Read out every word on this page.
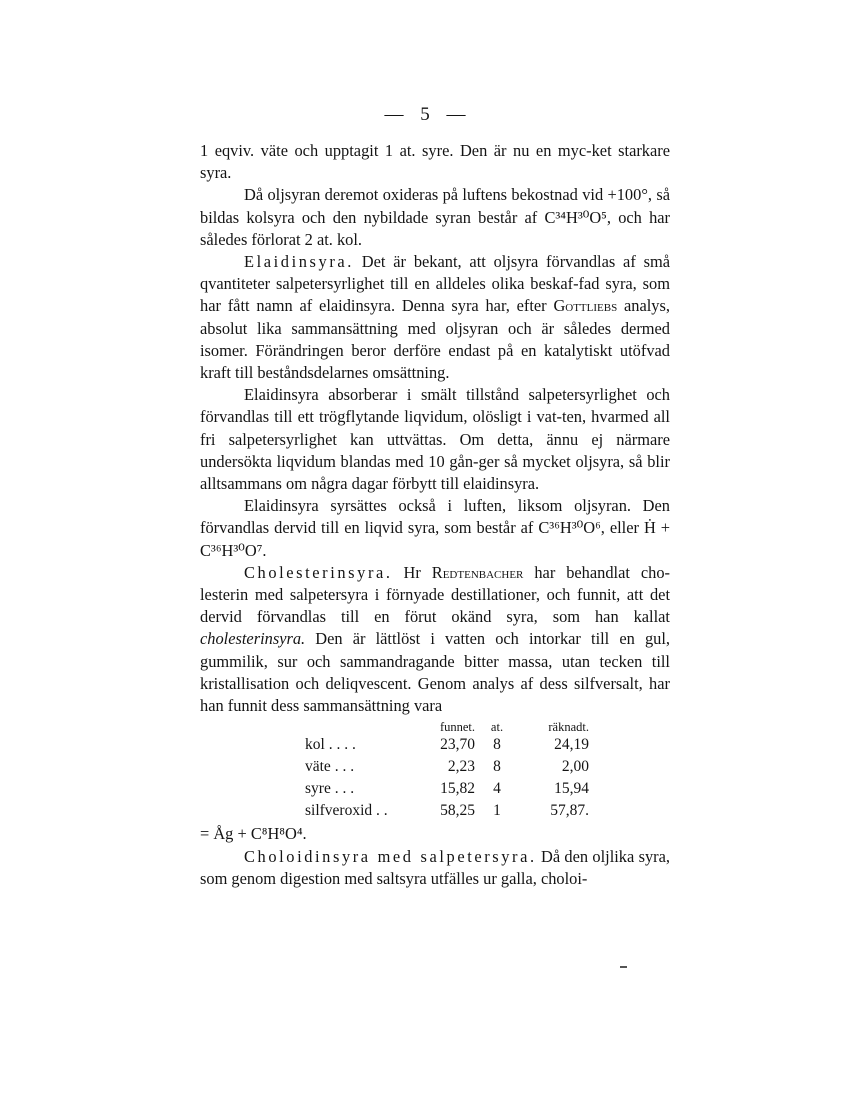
— 5 —

1 eqviv. väte och upptagit 1 at. syre. Den är nu en myc-ket starkare syra.

Då oljsyran deremot oxideras på luftens bekostnad vid +100°, så bildas kolsyra och den nybildade syran består af C³⁴H³⁰O⁵, och har således förlorat 2 at. kol.

Elaidinsyra. Det är bekant, att oljsyra förvandlas af små qvantiteter salpetersyrlighet till en alldeles olika beskaf-fad syra, som har fått namn af elaidinsyra. Denna syra har, efter Gottliebs analys, absolut lika sammansättning med oljsyran och är således dermed isomer. Förändringen beror derföre endast på en katalytiskt utöfvad kraft till beståndsdelarnes omsättning.

Elaidinsyra absorberar i smält tillstånd salpetersyrlighet och förvandlas till ett trögflytande liqvidum, olösligt i vat-ten, hvarmed all fri salpetersyrlighet kan uttvättas. Om detta, ännu ej närmare undersökta liqvidum blandas med 10 gån-ger så mycket oljsyra, så blir alltsammans om några dagar förbytt till elaidinsyra.

Elaidinsyra syrsättes också i luften, liksom oljsyran. Den förvandlas dervid till en liqvid syra, som består af C³⁶H³⁰O⁶, eller Ḣ + C³⁶H³⁰O⁷.

Cholesterinsyra. Hr Redtenbacher har behandlat cho-lesterin med salpetersyra i förnyade destillationer, och funnit, att det dervid förvandlas till en förut okänd syra, som han kallat cholesterinsyra. Den är lättlöst i vatten och intorkar till en gul, gummilik, sur och sammandragande bitter massa, utan tecken till kristallisation och deliqvescent. Genom analys af dess silfversalt, har han funnit dess sammansättning vara

	funnet.	at.	räknadt.	
kol . . . .	23,70	8	24,19	
väte . . .	2,23	8	2,00	
syre . . .	15,82	4	15,94	
silfveroxid . .	58,25	1	57,87.	

= Åg + C⁸H⁸O⁴.

Choloidinsyra med salpetersyra. Då den oljlika syra, som genom digestion med saltsyra utfälles ur galla, choloi-
